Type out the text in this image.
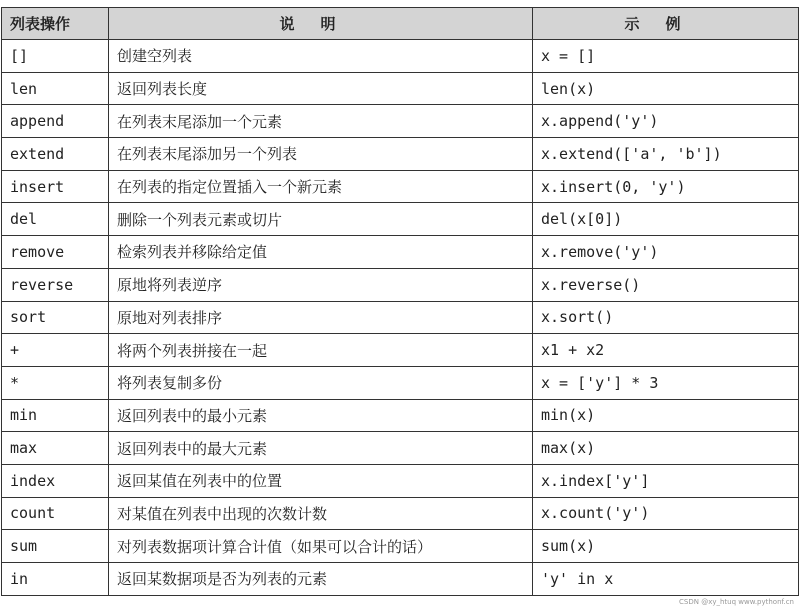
列表操作	说明	示例
[]	创建空列表	x = []
len	返回列表长度	len(x)
append	在列表末尾添加一个元素	x.append('y')
extend	在列表末尾添加另一个列表	x.extend(['a', 'b'])
insert	在列表的指定位置插入一个新元素	x.insert(0, 'y')
del	删除一个列表元素或切片	del(x[0])
remove	检索列表并移除给定值	x.remove('y')
reverse	原地将列表逆序	x.reverse()
sort	原地对列表排序	x.sort()
+	将两个列表拼接在一起	x1 + x2
*	将列表复制多份	x = ['y'] * 3
min	返回列表中的最小元素	min(x)
max	返回列表中的最大元素	max(x)
index	返回某值在列表中的位置	x.index['y']
count	对某值在列表中出现的次数计数	x.count('y')
sum	对列表数据项计算合计值（如果可以合计的话）	sum(x)
in	返回某数据项是否为列表的元素	'y' in x
CSDN @xy_htuq www.pythonf.cn
